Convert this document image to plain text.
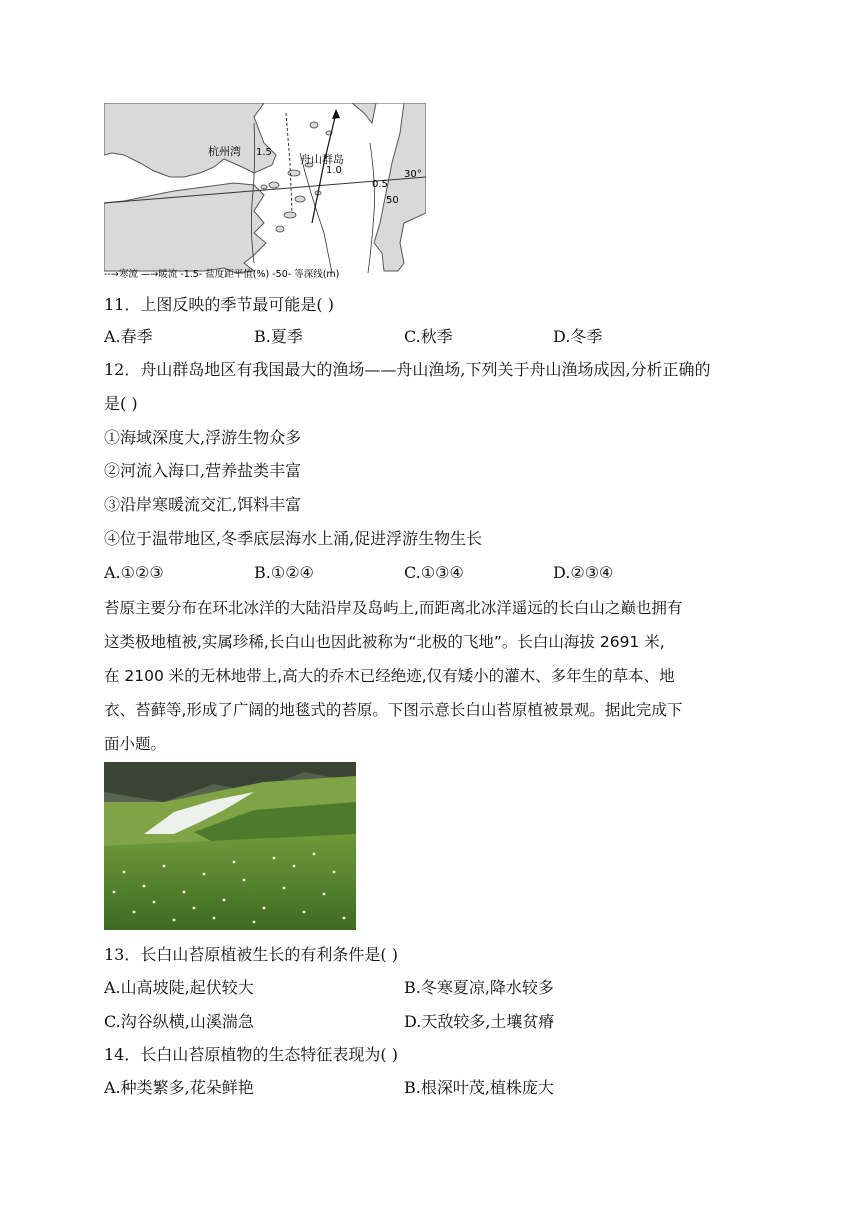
杭州湾 1.5
舟山群岛
1.0
0.5
50
30°
--→寒流 —→暖流 -1.5- 盐度距平值(%) -50- 等深线(m)
11．上图反映的季节最可能是( )
A.春季	B.夏季	C.秋季	D.冬季
12．舟山群岛地区有我国最大的渔场——舟山渔场,下列关于舟山渔场成因,分析正确的
是( )
①海域深度大,浮游生物众多
②河流入海口,营养盐类丰富
③沿岸寒暖流交汇,饵料丰富
④位于温带地区,冬季底层海水上涌,促进浮游生物生长
A.①②③	B.①②④	C.①③④	D.②③④
苔原主要分布在环北冰洋的大陆沿岸及岛屿上,而距离北冰洋遥远的长白山之巅也拥有
这类极地植被,实属珍稀,长白山也因此被称为“北极的飞地”。长白山海拔 2691 米,
在 2100 米的无林地带上,高大的乔木已经绝迹,仅有矮小的灌木、多年生的草本、地
衣、苔藓等,形成了广阔的地毯式的苔原。下图示意长白山苔原植被景观。据此完成下
面小题。
13．长白山苔原植被生长的有利条件是( )
A.山高坡陡,起伏较大	B.冬寒夏凉,降水较多
C.沟谷纵横,山溪湍急	D.天敌较多,土壤贫瘠
14．长白山苔原植物的生态特征表现为( )
A.种类繁多,花朵鲜艳	B.根深叶茂,植株庞大
